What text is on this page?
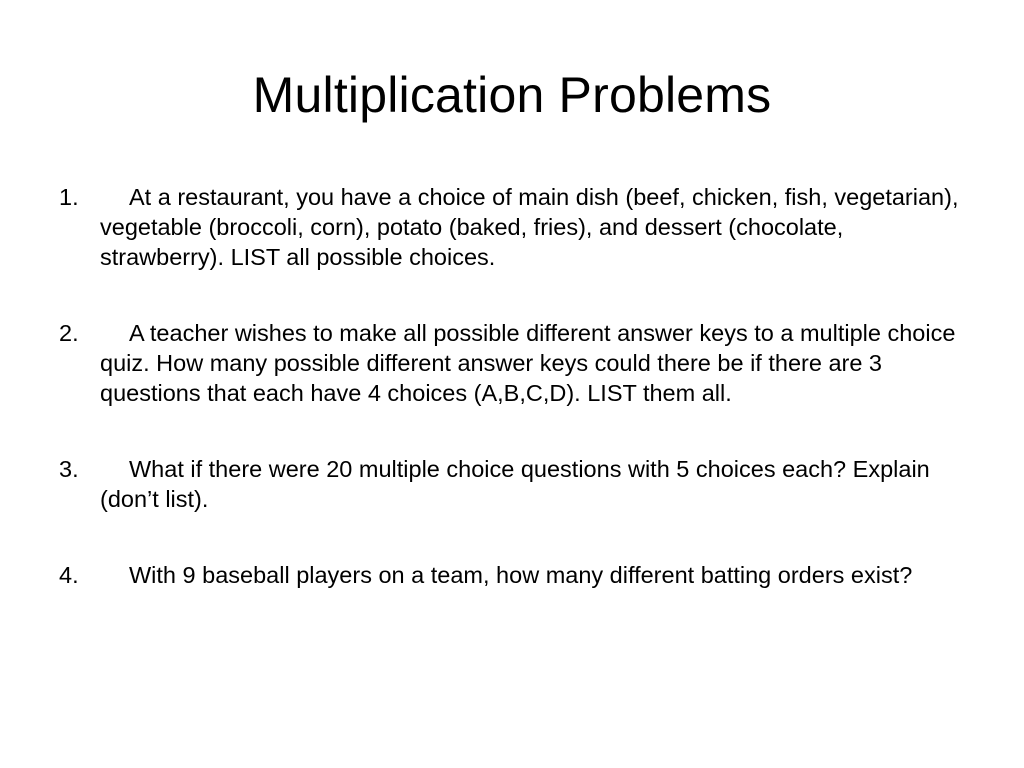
Multiplication Problems
1.	At a restaurant, you have a choice of main dish (beef, chicken, fish, vegetarian), vegetable (broccoli, corn), potato (baked, fries), and dessert (chocolate, strawberry). LIST all possible choices.
2.	A teacher wishes to make all possible different answer keys to a multiple choice quiz. How many possible different answer keys could there be if there are 3 questions that each have 4 choices (A,B,C,D). LIST them all.
3.	What if there were 20 multiple choice questions with 5 choices each? Explain (don’t list).
4.	With 9 baseball players on a team, how many different batting orders exist?
